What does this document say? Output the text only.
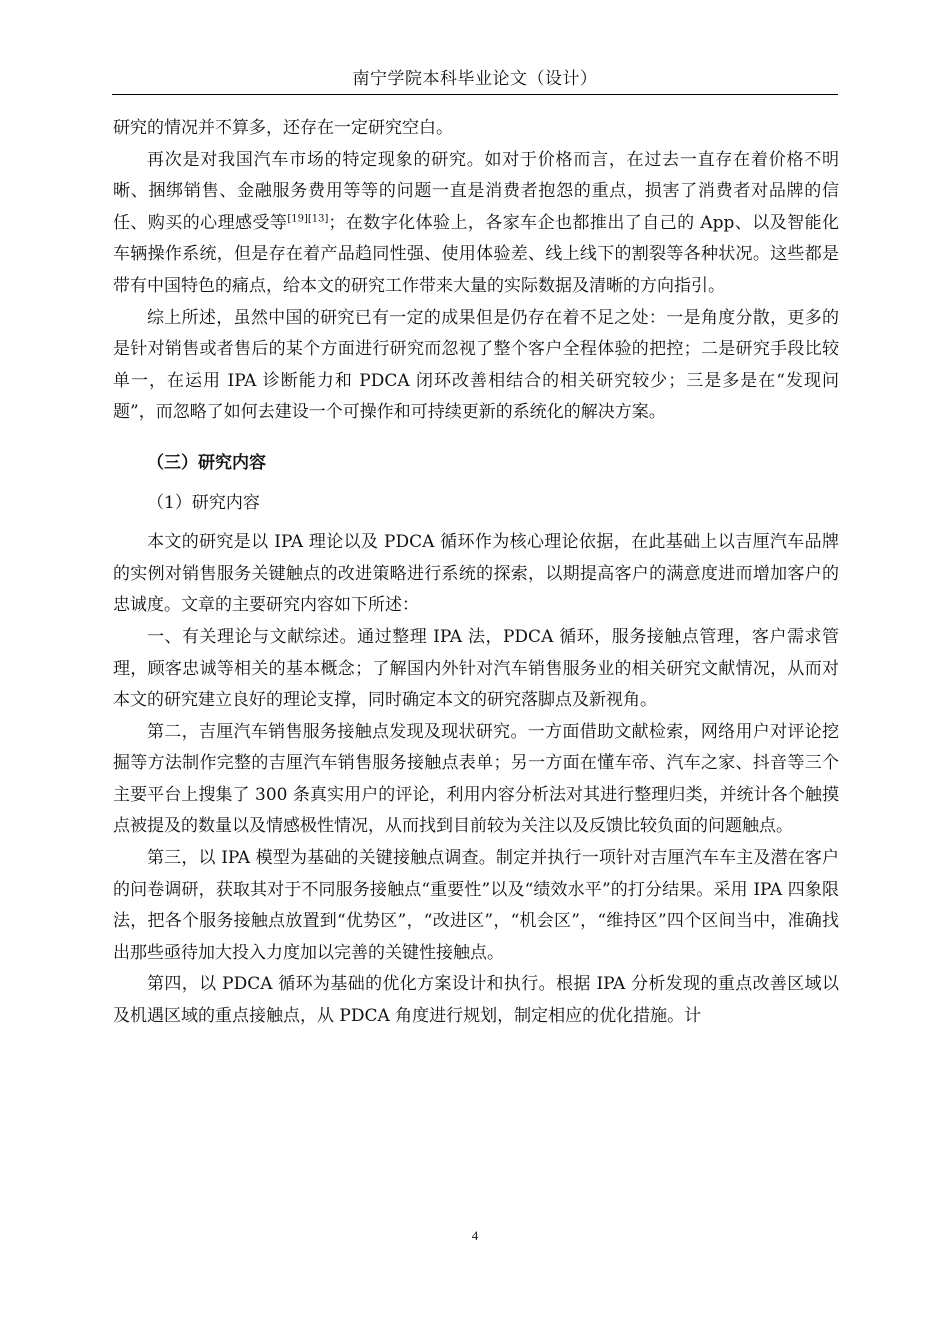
南宁学院本科毕业论文（设计）

研究的情况并不算多，还存在一定研究空白。

再次是对我国汽车市场的特定现象的研究。如对于价格而言，在过去一直存在着价格不明晰、捆绑销售、金融服务费用等等的问题一直是消费者抱怨的重点，损害了消费者对品牌的信任、购买的心理感受等[19][13]；在数字化体验上，各家车企也都推出了自己的 App、以及智能化车辆操作系统，但是存在着产品趋同性强、使用体验差、线上线下的割裂等各种状况。这些都是带有中国特色的痛点，给本文的研究工作带来大量的实际数据及清晰的方向指引。

综上所述，虽然中国的研究已有一定的成果但是仍存在着不足之处：一是角度分散，更多的是针对销售或者售后的某个方面进行研究而忽视了整个客户全程体验的把控；二是研究手段比较单一，在运用 IPA 诊断能力和 PDCA 闭环改善相结合的相关研究较少；三是多是在“发现问题”，而忽略了如何去建设一个可操作和可持续更新的系统化的解决方案。

（三）研究内容

（1）研究内容

本文的研究是以 IPA 理论以及 PDCA 循环作为核心理论依据，在此基础上以吉厘汽车品牌的实例对销售服务关键触点的改进策略进行系统的探索，以期提高客户的满意度进而增加客户的忠诚度。文章的主要研究内容如下所述：

一、有关理论与文献综述。通过整理 IPA 法，PDCA 循环，服务接触点管理，客户需求管理，顾客忠诚等相关的基本概念；了解国内外针对汽车销售服务业的相关研究文献情况，从而对本文的研究建立良好的理论支撑，同时确定本文的研究落脚点及新视角。

第二，吉厘汽车销售服务接触点发现及现状研究。一方面借助文献检索，网络用户对评论挖掘等方法制作完整的吉厘汽车销售服务接触点表单；另一方面在懂车帝、汽车之家、抖音等三个主要平台上搜集了 300 条真实用户的评论，利用内容分析法对其进行整理归类，并统计各个触摸点被提及的数量以及情感极性情况，从而找到目前较为关注以及反馈比较负面的问题触点。

第三，以 IPA 模型为基础的关键接触点调查。制定并执行一项针对吉厘汽车车主及潜在客户的问卷调研，获取其对于不同服务接触点“重要性”以及“绩效水平”的打分结果。采用 IPA 四象限法，把各个服务接触点放置到“优势区”，“改进区”，“机会区”，“维持区”四个区间当中，准确找出那些亟待加大投入力度加以完善的关键性接触点。

第四，以 PDCA 循环为基础的优化方案设计和执行。根据 IPA 分析发现的重点改善区域以及机遇区域的重点接触点，从 PDCA 角度进行规划，制定相应的优化措施。计

4
